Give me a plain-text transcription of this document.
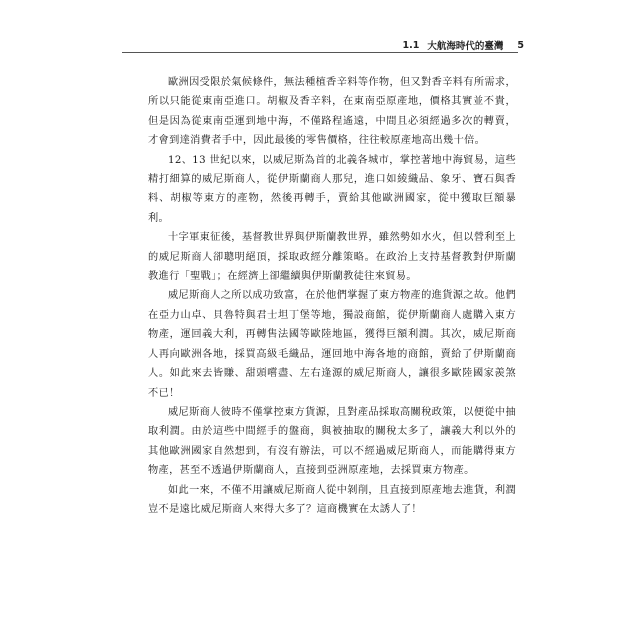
1.1 大航海時代的臺灣 5

歐洲因受限於氣候條件，無法種植香辛料等作物，但又對香辛料有所需求，所以只能從東南亞進口。胡椒及香辛料，在東南亞原產地，價格其實並不貴，但是因為從東南亞運到地中海，不僅路程遙遠，中間且必須經過多次的轉賣，才會到達消費者手中，因此最後的零售價格，往往較原產地高出幾十倍。

12、13 世紀以來，以威尼斯為首的北義各城市，掌控著地中海貿易，這些精打細算的威尼斯商人，從伊斯蘭商人那兒，進口如綾織品、象牙、寶石與香料、胡椒等東方的產物，然後再轉手，賣給其他歐洲國家，從中獲取巨額暴利。

十字軍東征後，基督教世界與伊斯蘭教世界，雖然勢如水火，但以營利至上的威尼斯商人卻聰明絕頂，採取政經分離策略。在政治上支持基督教對伊斯蘭教進行「聖戰」；在經濟上卻繼續與伊斯蘭教徒往來貿易。

威尼斯商人之所以成功致富，在於他們掌握了東方物產的進貨源之故。他們在亞力山卓、貝魯特與君士坦丁堡等地，獨設商館，從伊斯蘭商人處購入東方物產，運回義大利，再轉售法國等歐陸地區，獲得巨額利潤。其次，威尼斯商人再向歐洲各地，採買高級毛織品，運回地中海各地的商館，賣給了伊斯蘭商人。如此來去皆賺、甜頭嚐盡、左右逢源的威尼斯商人，讓很多歐陸國家羨煞不已！

威尼斯商人彼時不僅掌控東方貨源，且對產品採取高關稅政策，以便從中抽取利潤。由於這些中間經手的盤商，與被抽取的關稅太多了，讓義大利以外的其他歐洲國家自然想到，有沒有辦法，可以不經過威尼斯商人，而能購得東方物產，甚至不透過伊斯蘭商人，直接到亞洲原產地，去採買東方物產。

如此一來，不僅不用讓威尼斯商人從中剝削，且直接到原產地去進貨，利潤豈不是遠比威尼斯商人來得大多了？這商機實在太誘人了！
